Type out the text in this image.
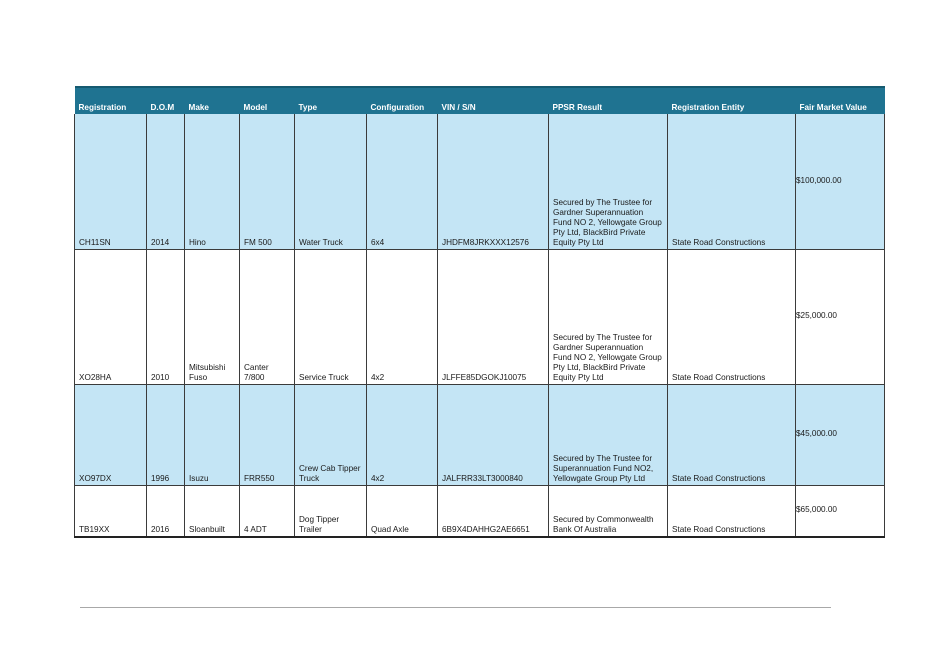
Registration	D.O.M	Make	Model	Type	Configuration	VIN / S/N	PPSR Result	Registration Entity	Fair Market Value
CH11SN	2014	Hino	FM 500	Water Truck	6x4	JHDFM8JRKXXX12576	Secured by The Trustee for Gardner Superannuation Fund NO 2, Yellowgate Group Pty Ltd, BlackBird Private Equity Pty Ltd	State Road Constructions	$100,000.00
XO28HA	2010	Mitsubishi Fuso	Canter 7/800	Service Truck	4x2	JLFFE85DGOKJ10075	Secured by The Trustee for Gardner Superannuation Fund NO 2, Yellowgate Group Pty Ltd, BlackBird Private Equity Pty Ltd	State Road Constructions	$25,000.00
XO97DX	1996	Isuzu	FRR550	Crew Cab Tipper Truck	4x2	JALFRR33LT3000840	Secured by The Trustee for Superannuation Fund NO2, Yellowgate Group Pty Ltd	State Road Constructions	$45,000.00
TB19XX	2016	Sloanbuilt	4 ADT	Dog Tipper Trailer	Quad Axle	6B9X4DAHHG2AE6651	Secured by Commonwealth Bank Of Australia	State Road Constructions	$65,000.00
